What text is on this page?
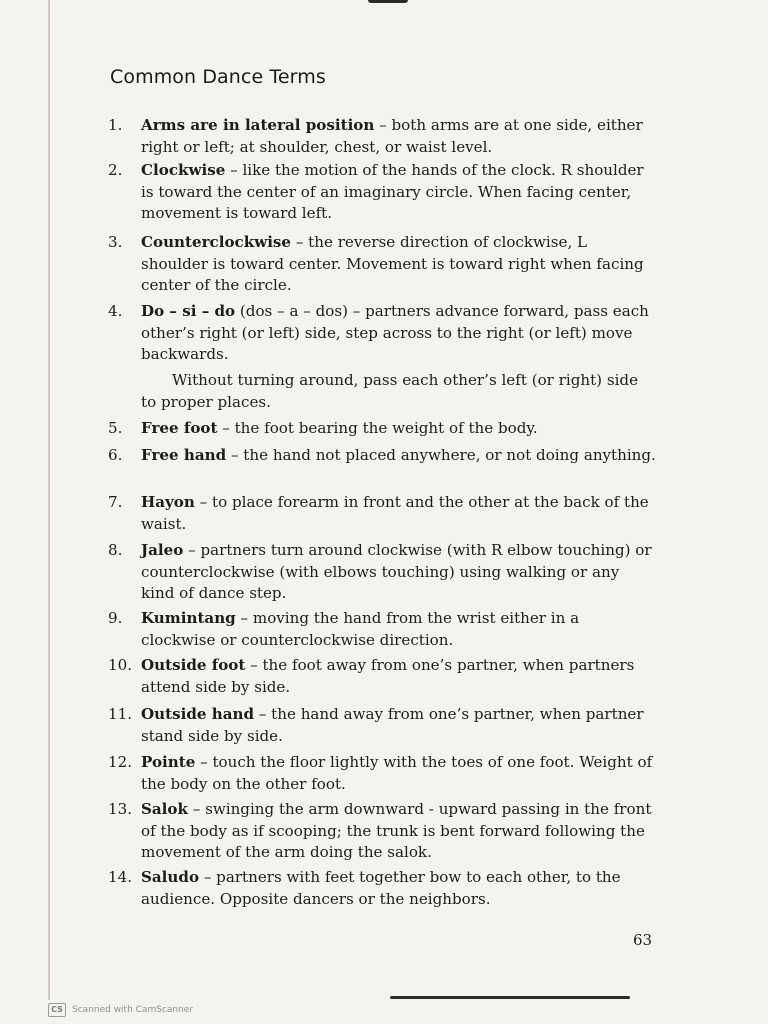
Common Dance Terms
1. Arms are in lateral position – both arms are at one side, either right or left; at shoulder, chest, or waist level.
2. Clockwise – like the motion of the hands of the clock. R shoulder is toward the center of an imaginary circle. When facing center, movement is toward left.
3. Counterclockwise – the reverse direction of clockwise, L shoulder is toward center. Movement is toward right when facing center of the circle.
4. Do – si – do (dos – a – dos) – partners advance forward, pass each other’s right (or left) side, step across to the right (or left) move backwards.
5. Free foot – the foot bearing the weight of the body.
6. Free hand – the hand not placed anywhere, or not doing anything.
7. Hayon – to place forearm in front and the other at the back of the waist.
8. Jaleo – partners turn around clockwise (with R elbow touching) or counterclockwise (with elbows touching) using walking or any kind of dance step.
9. Kumintang – moving the hand from the wrist either in a clockwise or counterclockwise direction.
10. Outside foot – the foot away from one’s partner, when partners attend side by side.
11. Outside hand – the hand away from one’s partner, when partner stand side by side.
12. Pointe – touch the floor lightly with the toes of one foot. Weight of the body on the other foot.
13. Salok – swinging the arm downward - upward passing in the front of the body as if scooping; the trunk is bent forward following the movement of the arm doing the salok.
14. Saludo – partners with feet together bow to each other, to the audience. Opposite dancers or the neighbors.

Without turning around, pass each other’s left (or right) side to proper places.

63
CS	Scanned with CamScanner
